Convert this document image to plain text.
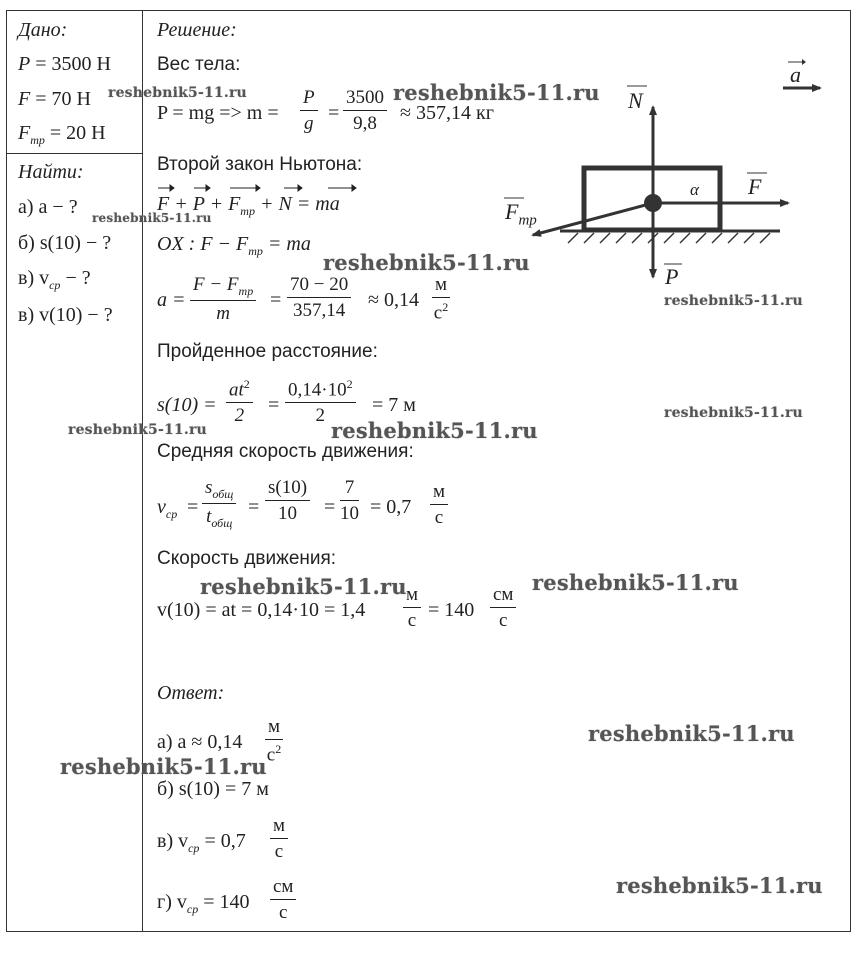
Дано:
P = 3500 Н
F = 70 Н
$F_{тр} = 20$ Н
Найти:
а) a − ?
б) s(10) − ?
в) $v_{ср}$ − ?
в) v(10) − ?
Решение:
Вес тела:
P = mg => $m = \frac{P}{g} = \frac{3500}{9,8} \approx 357,14$ кг
Второй закон Ньютона:
$F + P + F_{тр} + N$ = ma
OX : $F - F_{тр}$ = ma
a =
$F - F_{тр}$
m
= $\frac{70 - 20}{357,14} \approx 0,14$
м
$с^2$
Пройденное расстояние:
$s(10) = \frac{at^2}{2} = \frac{0,14\cdot 10^2}{2} = 7$ м
Средняя скорость движения:
$v_{ср}$ =
$s_{общ}$
$t_{общ}$
= $\frac{s(10)}{10} = \frac{7}{10} = 0,7$
м
с
Скорость движения:
v(10) = at = 0,14·10 = 1,4
м
с = 140
см
с
Ответ:
а) a ≈ 0,14
м
$с^2$
б) s(10) = 7 м
в) $v_{ср} = 0,7$
м
с
г) $v_{ср} = 140$
см
с
N
F
$F_{тр}$
P
α
a
reshebnik5-11.ru
reshebnik5-11.ru
reshebnik5-11.ru
reshebnik5-11.ru
reshebnik5-11.ru
reshebnik5-11.ru
reshebnik5-11.ru	reshebnik5-11.ru
reshebnik5-11.ru	reshebnik5-11.ru
reshebnik5-11.ru
reshebnik5-11.ru
reshebnik5-11.ru
